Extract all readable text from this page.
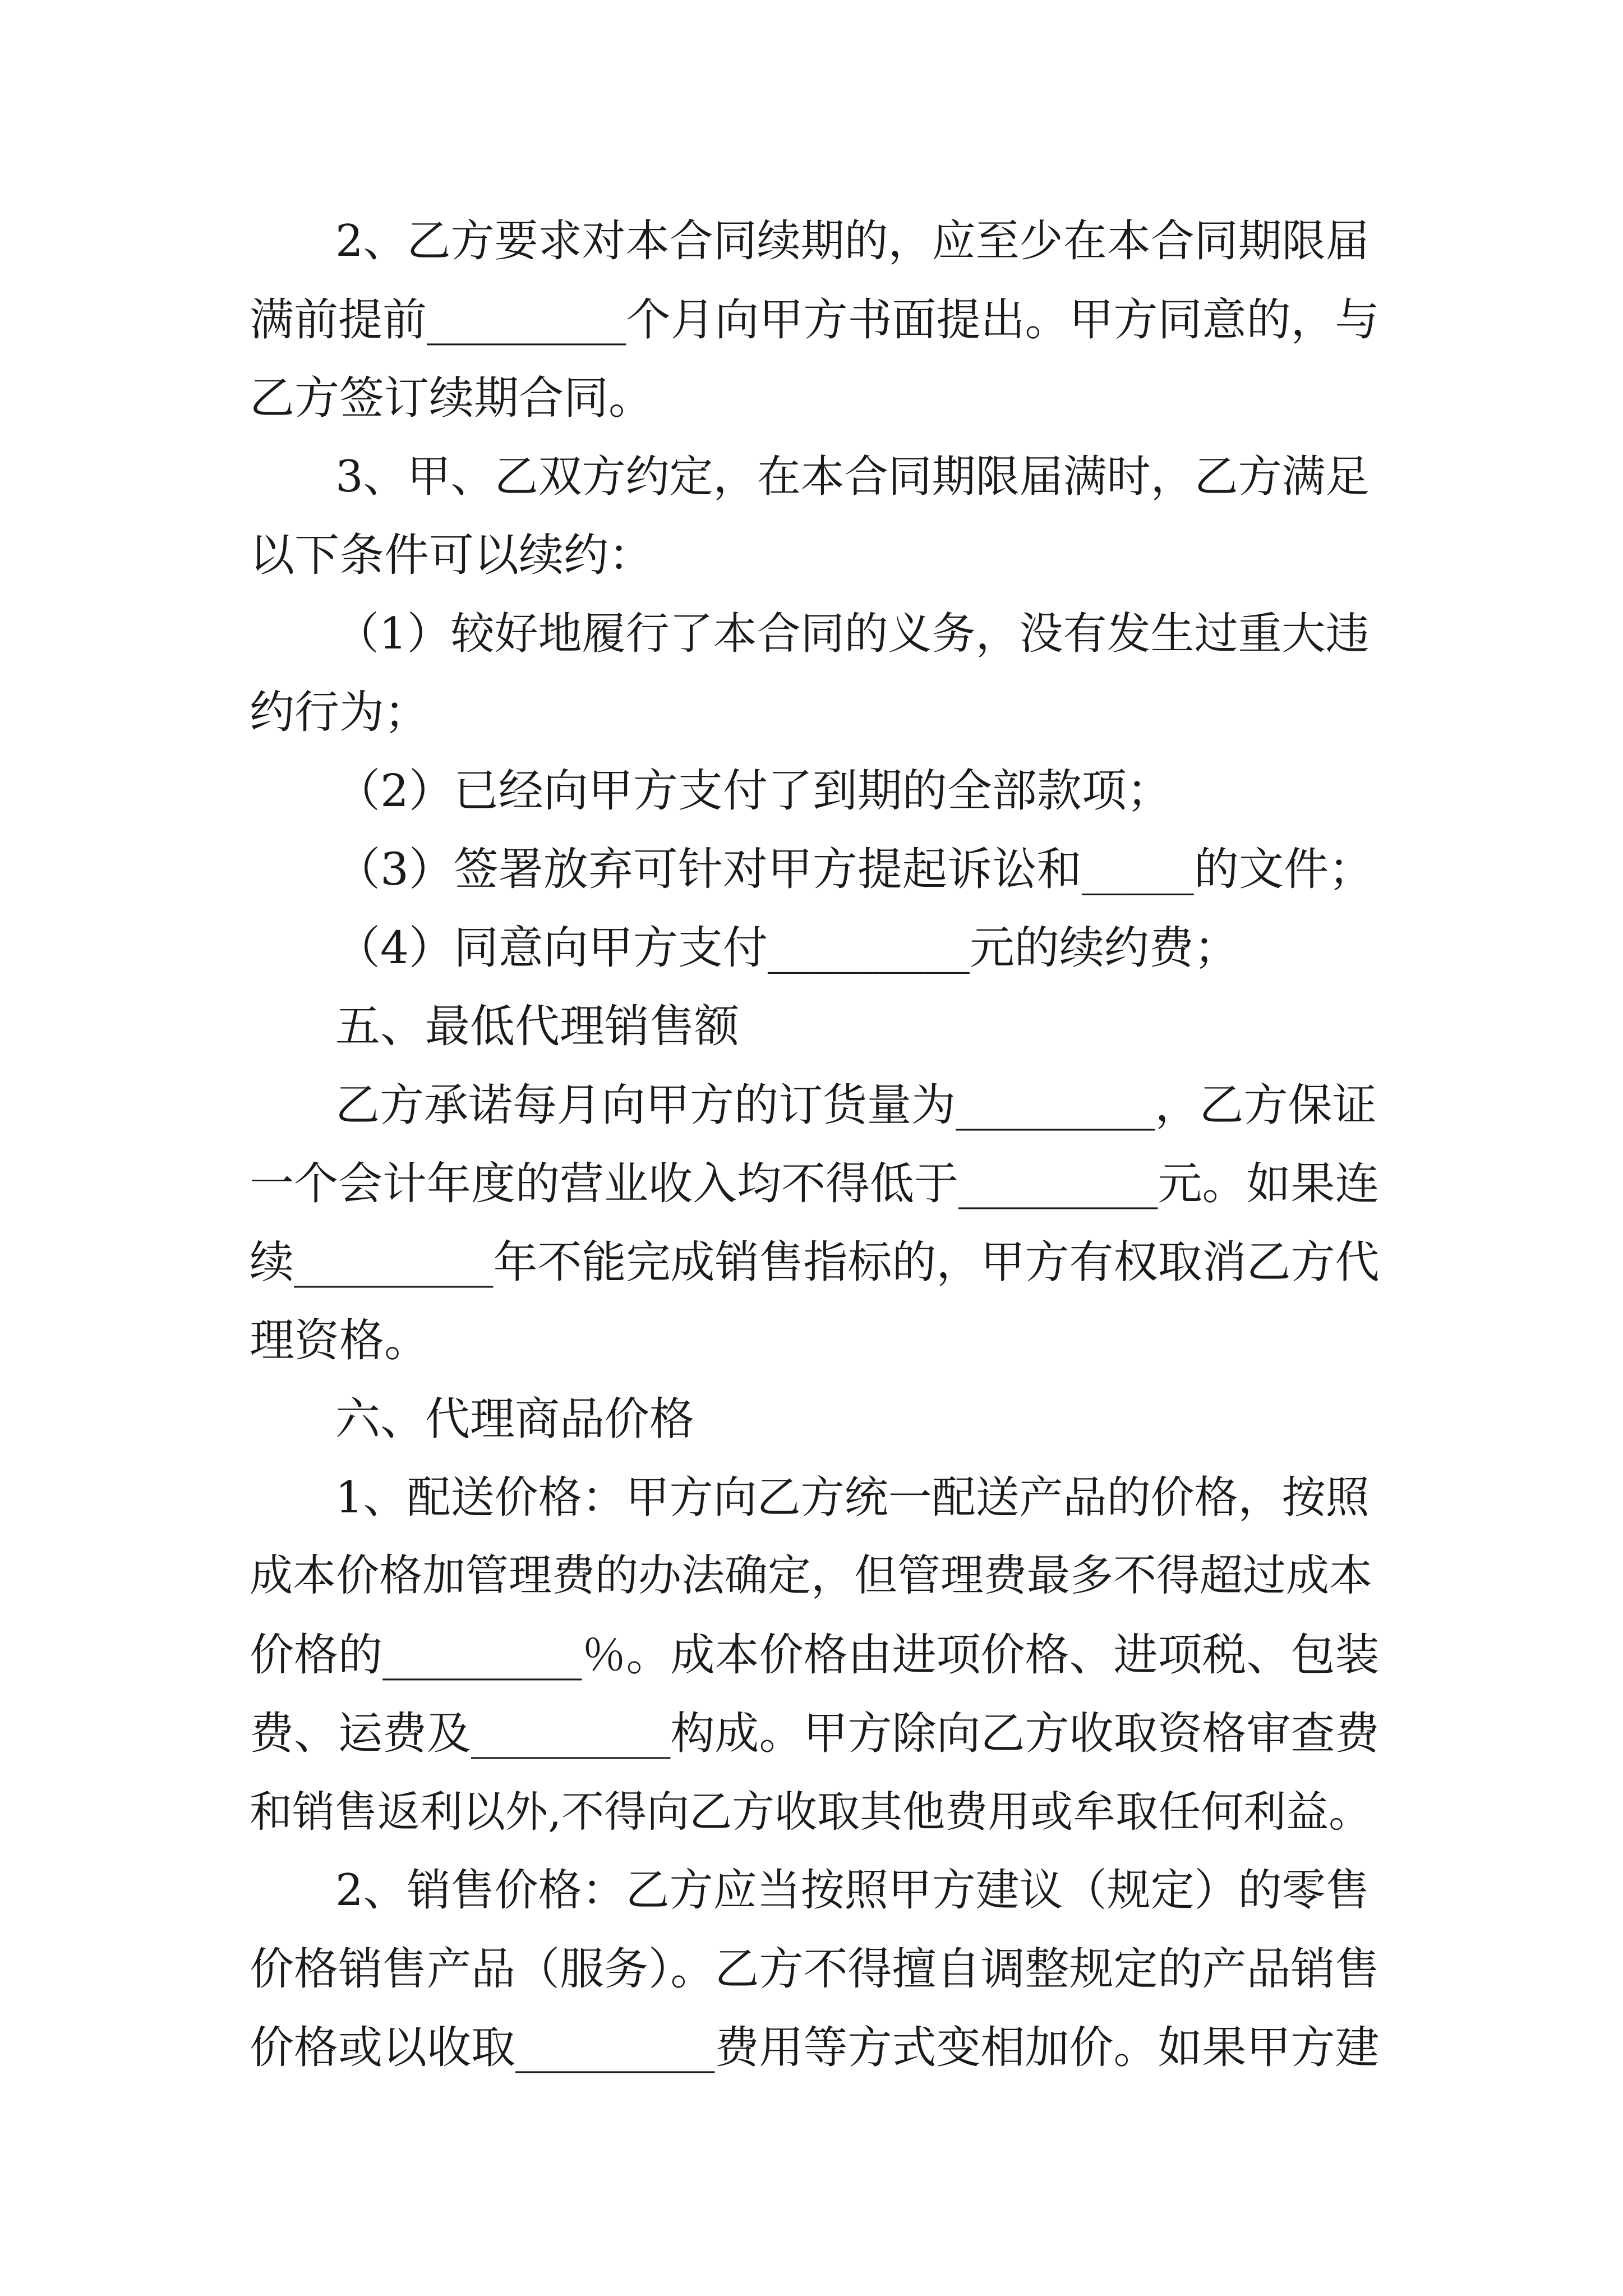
2、乙方要求对本合同续期的，应至少在本合同期限届
满前提前_________个月向甲方书面提出。甲方同意的，与
乙方签订续期合同。
3、甲、乙双方约定，在本合同期限届满时，乙方满足
以下条件可以续约：
（1）较好地履行了本合同的义务，没有发生过重大违
约行为；
（2）已经向甲方支付了到期的全部款项；
（3）签署放弃可针对甲方提起诉讼和_____的文件；
（4）同意向甲方支付_________元的续约费；
五、最低代理销售额
乙方承诺每月向甲方的订货量为_________，乙方保证
一个会计年度的营业收入均不得低于_________元。如果连
续_________年不能完成销售指标的，甲方有权取消乙方代
理资格。
六、代理商品价格
1、配送价格：甲方向乙方统一配送产品的价格，按照
成本价格加管理费的办法确定，但管理费最多不得超过成本
价格的_________％。成本价格由进项价格、进项税、包装
费、运费及_________构成。甲方除向乙方收取资格审查费
和销售返利以外,不得向乙方收取其他费用或牟取任何利益。
2、销售价格：乙方应当按照甲方建议（规定）的零售
价格销售产品（服务）。乙方不得擅自调整规定的产品销售
价格或以收取_________费用等方式变相加价。如果甲方建
